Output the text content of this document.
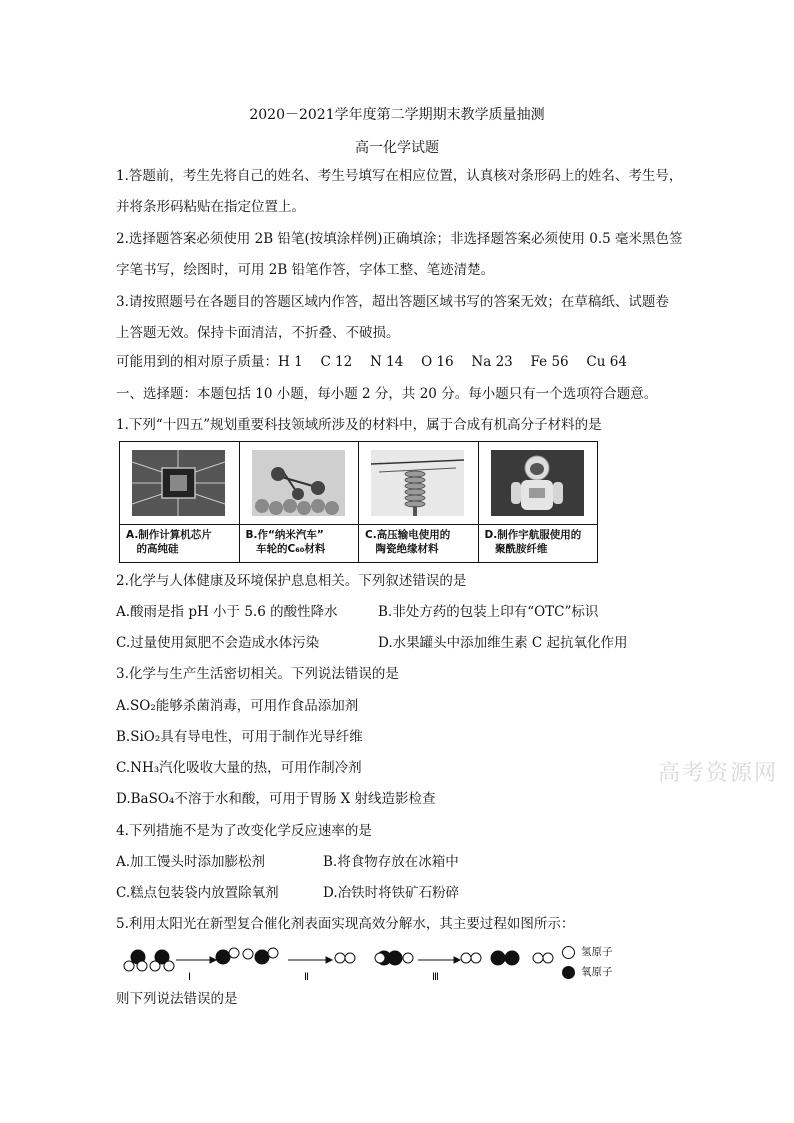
2020－2021学年度第二学期期末教学质量抽测
高一化学试题
1.答题前，考生先将自己的姓名、考生号填写在相应位置，认真核对条形码上的姓名、考生号，
并将条形码粘贴在指定位置上。
2.选择题答案必须使用 2B 铅笔(按填涂样例)正确填涂；非选择题答案必须使用 0.5 毫米黑色签
字笔书写，绘图时，可用 2B 铅笔作答，字体工整、笔迹清楚。
3.请按照题号在各题目的答题区域内作答，超出答题区域书写的答案无效；在草稿纸、试题卷
上答题无效。保持卡面清洁，不折叠、不破损。
可能用到的相对原子质量：H 1　 C 12　 N 14　 O 16　 Na 23　 Fe 56　 Cu 64
一、选择题：本题包括 10 小题，每小题 2 分，共 20 分。每小题只有一个选项符合题意。
1.下列“十四五”规划重要科技领域所涉及的材料中，属于合成有机高分子材料的是
A.制作计算机芯片
　的高纯硅
B.作“纳米汽车”
　车轮的C₆₀材料
C.高压输电使用的
　陶瓷绝缘材料
D.制作宇航服使用的
　聚酰胺纤维
2.化学与人体健康及环境保护息息相关。下列叙述错误的是
A.酸雨是指 pH 小于 5.6 的酸性降水	B.非处方药的包装上印有“OTC”标识
C.过量使用氮肥不会造成水体污染	D.水果罐头中添加维生素 C 起抗氧化作用
3.化学与生产生活密切相关。下列说法错误的是
A.SO₂能够杀菌消毒，可用作食品添加剂
B.SiO₂具有导电性，可用于制作光导纤维
C.NH₃汽化吸收大量的热，可用作制冷剂
D.BaSO₄不溶于水和酸，可用于胃肠 X 射线造影检查
高考资源网
4.下列措施不是为了改变化学反应速率的是
A.加工馒头时添加膨松剂	B.将食物存放在冰箱中
C.糕点包装袋内放置除氧剂	D.冶铁时将铁矿石粉碎
5.利用太阳光在新型复合催化剂表面实现高效分解水，其主要过程如图所示：
Ⅰ	Ⅱ	Ⅲ
氢原子
氧原子
则下列说法错误的是
